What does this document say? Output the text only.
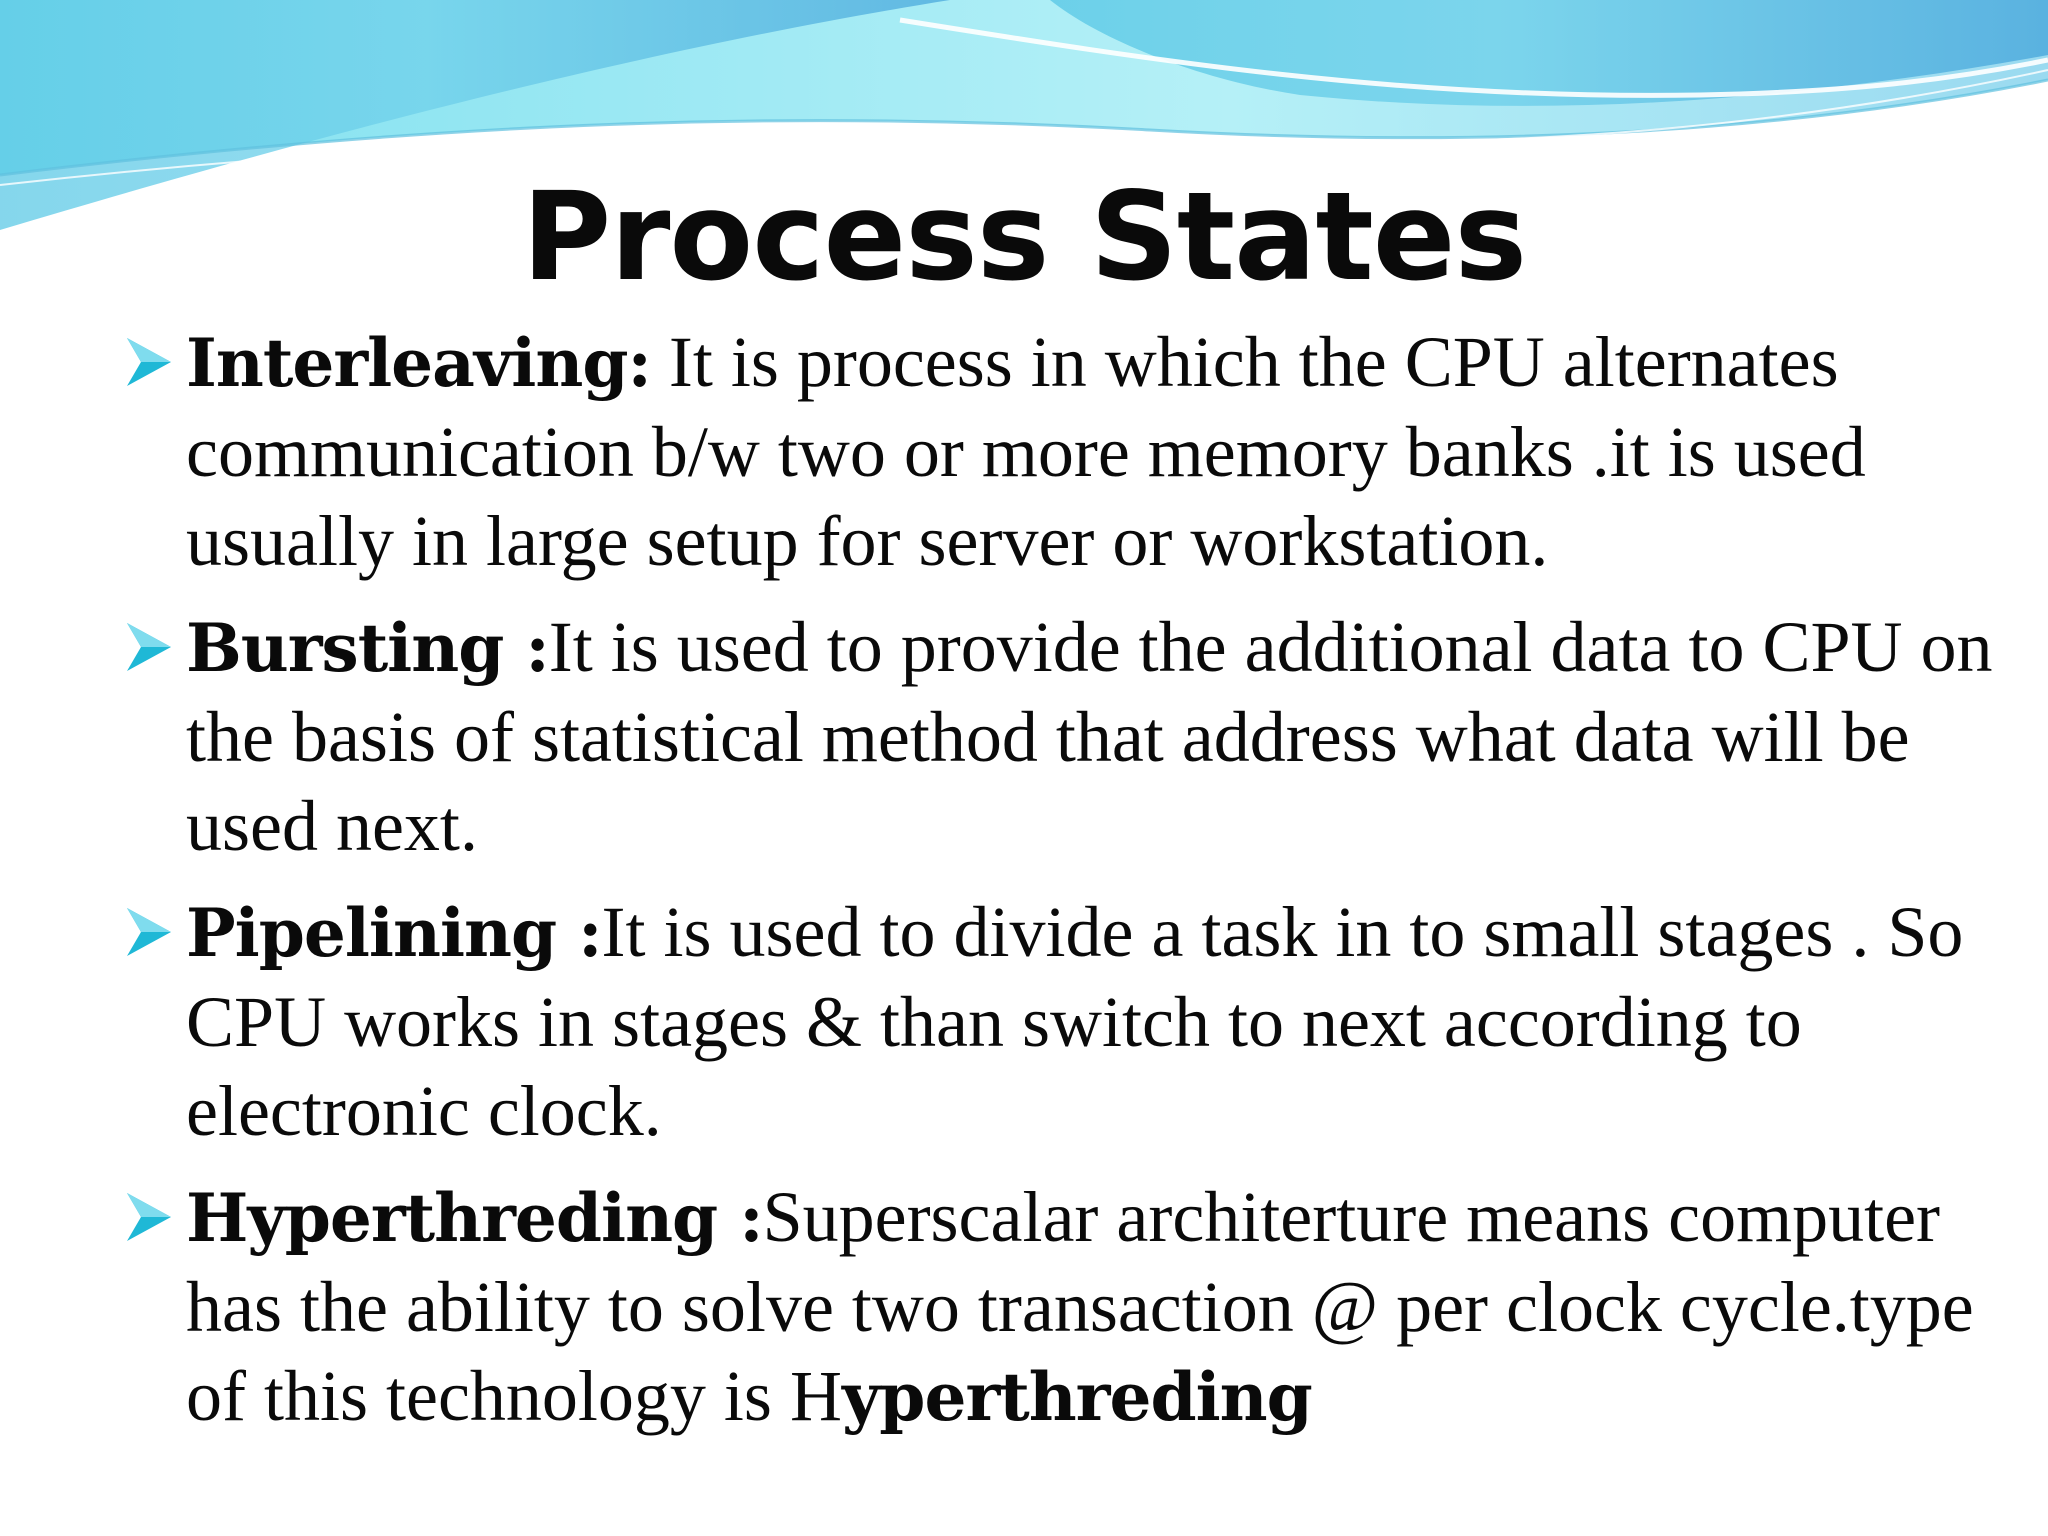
Process States
Interleaving: It is process in which the CPU alternates communication b/w two or more memory banks .it is used usually in large setup for server or workstation.
Bursting :It is used to provide the additional data to CPU on the basis of statistical method that address what data will be used next.
Pipelining :It is used to divide a task in to small stages . So CPU works in stages & than switch to next according to electronic clock.
Hyperthreding :Superscalar architerture means computer has the ability to solve two transaction @ per clock cycle.type of this technology is Hyperthreding
